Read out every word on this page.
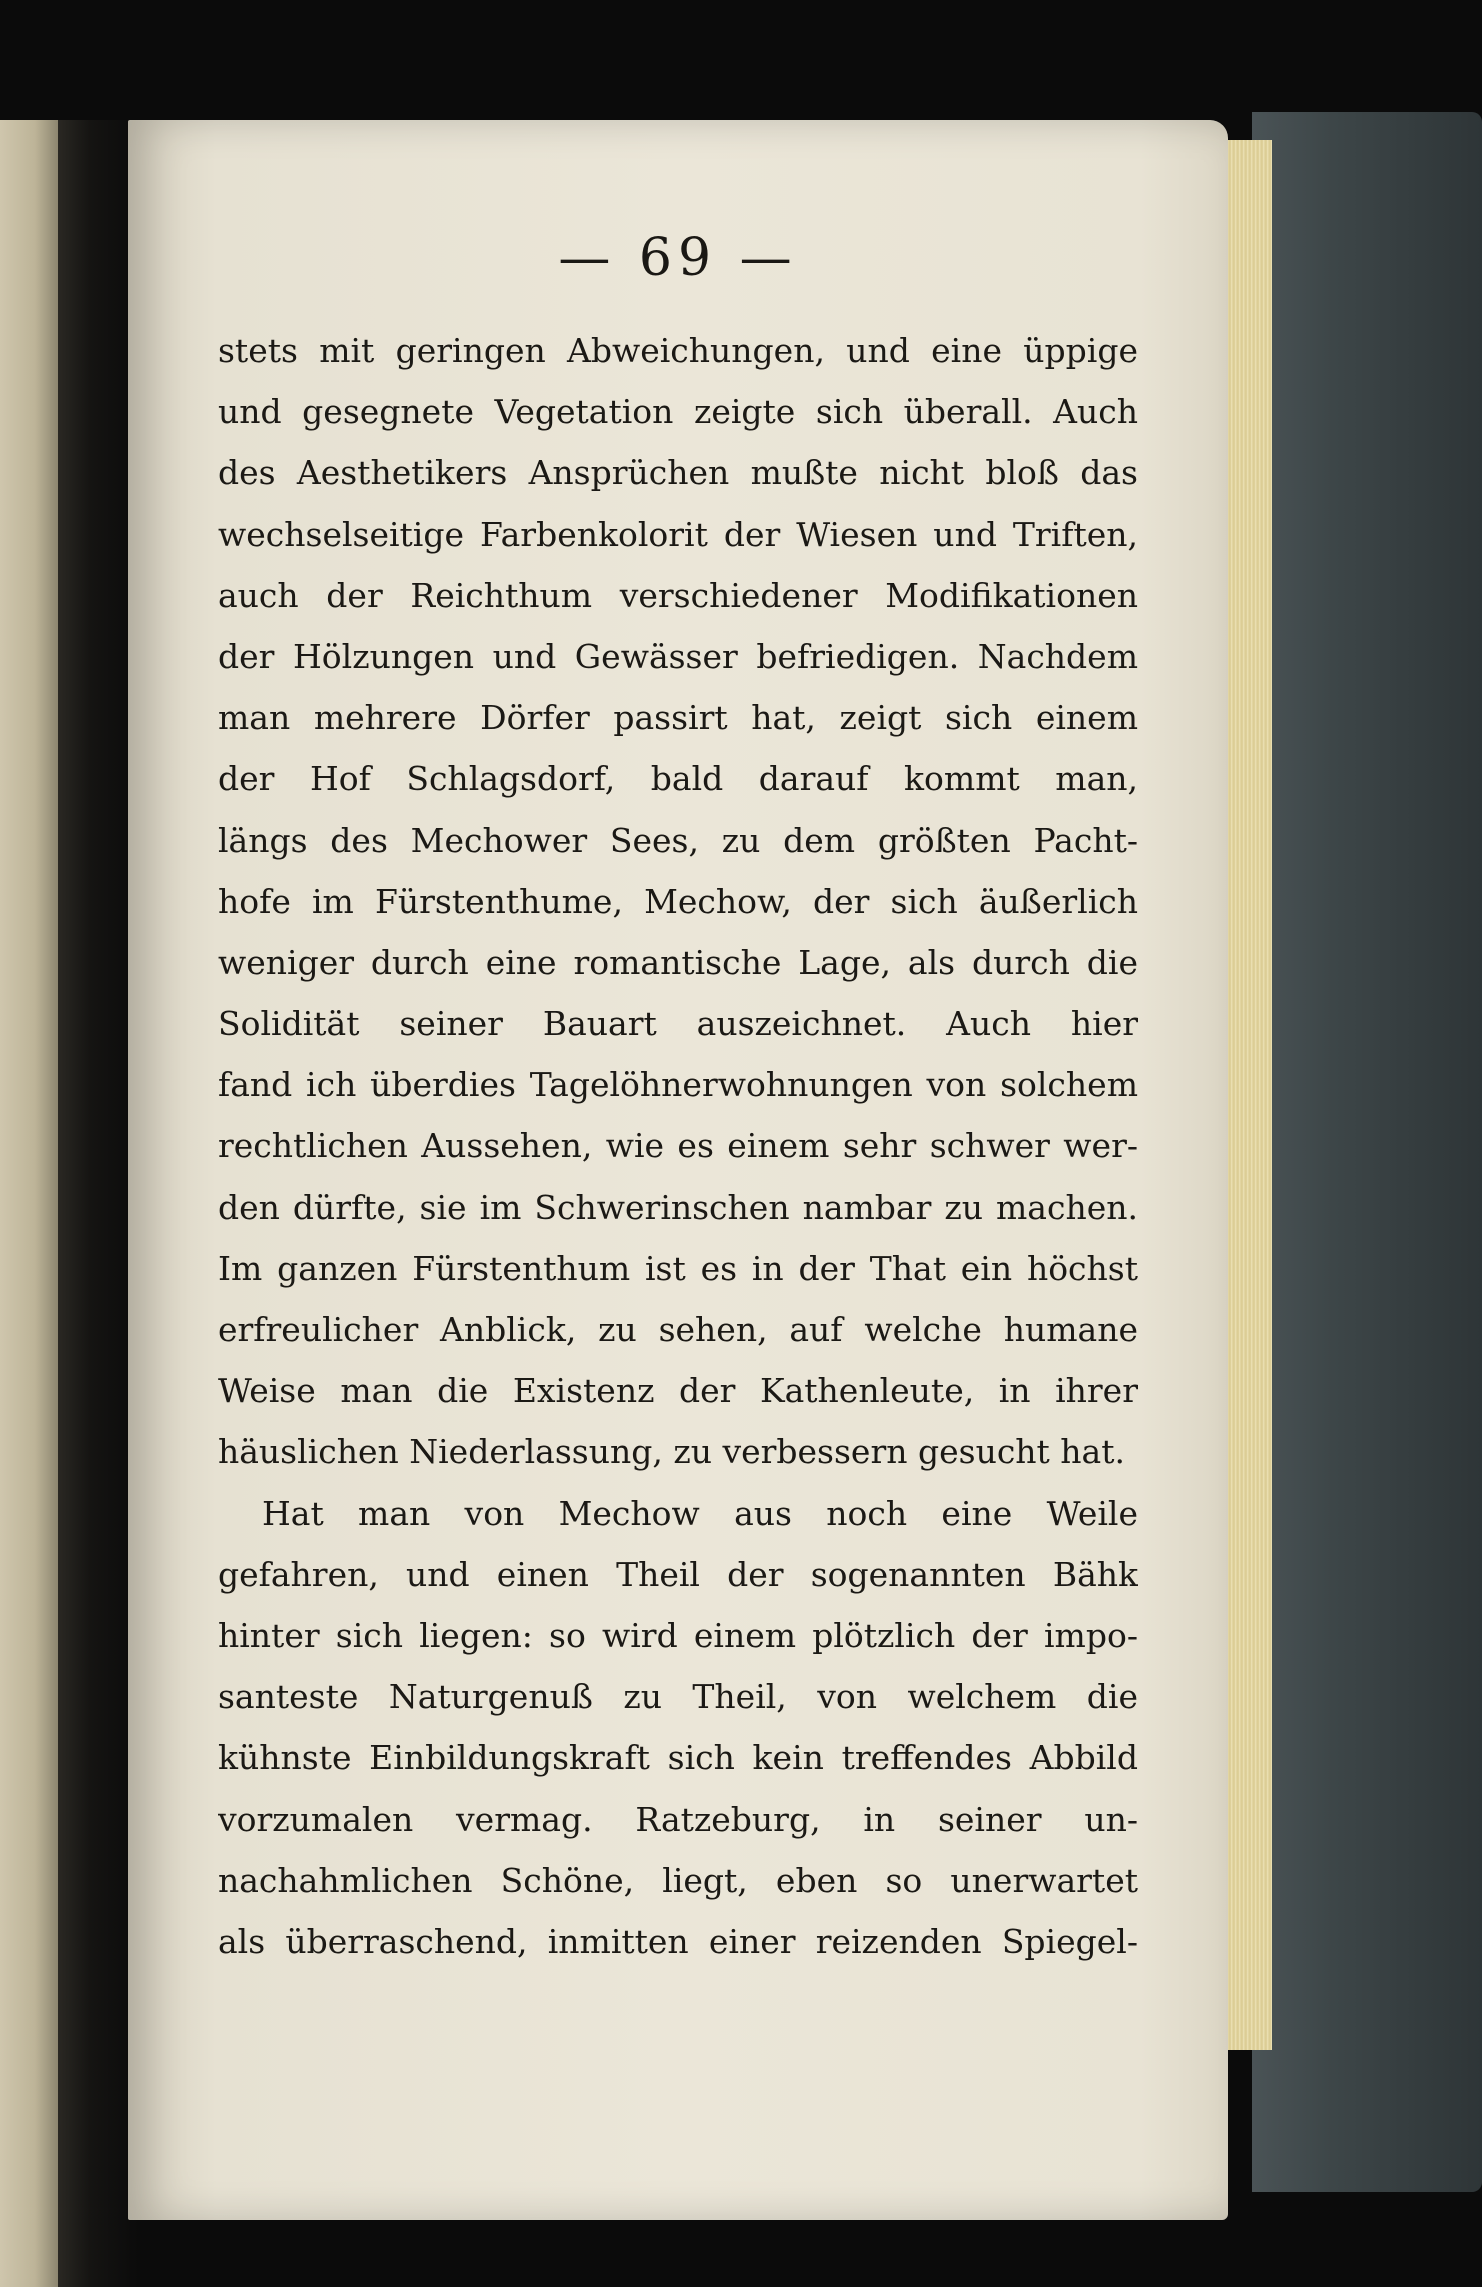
— 69 —
stets mit geringen Abweichungen, und eine üppige
und gesegnete Vegetation zeigte sich überall. Auch
des Aesthetikers Ansprüchen mußte nicht bloß das
wechselseitige Farbenkolorit der Wiesen und Triften,
auch der Reichthum verschiedener Modifikationen
der Hölzungen und Gewässer befriedigen. Nachdem
man mehrere Dörfer passirt hat, zeigt sich einem
der Hof Schlagsdorf, bald darauf kommt man,
längs des Mechower Sees, zu dem größten Pacht-
hofe im Fürstenthume, Mechow, der sich äußerlich
weniger durch eine romantische Lage, als durch die
Solidität seiner Bauart auszeichnet. Auch hier
fand ich überdies Tagelöhnerwohnungen von solchem
rechtlichen Aussehen, wie es einem sehr schwer wer-
den dürfte, sie im Schwerinschen nambar zu machen.
Im ganzen Fürstenthum ist es in der That ein höchst
erfreulicher Anblick, zu sehen, auf welche humane
Weise man die Existenz der Kathenleute, in ihrer
häuslichen Niederlassung, zu verbessern gesucht hat.
Hat man von Mechow aus noch eine Weile
gefahren, und einen Theil der sogenannten Bähk
hinter sich liegen: so wird einem plötzlich der impo-
santeste Naturgenuß zu Theil, von welchem die
kühnste Einbildungskraft sich kein treffendes Abbild
vorzumalen vermag. Ratzeburg, in seiner un-
nachahmlichen Schöne, liegt, eben so unerwartet
als überraschend, inmitten einer reizenden Spiegel-
